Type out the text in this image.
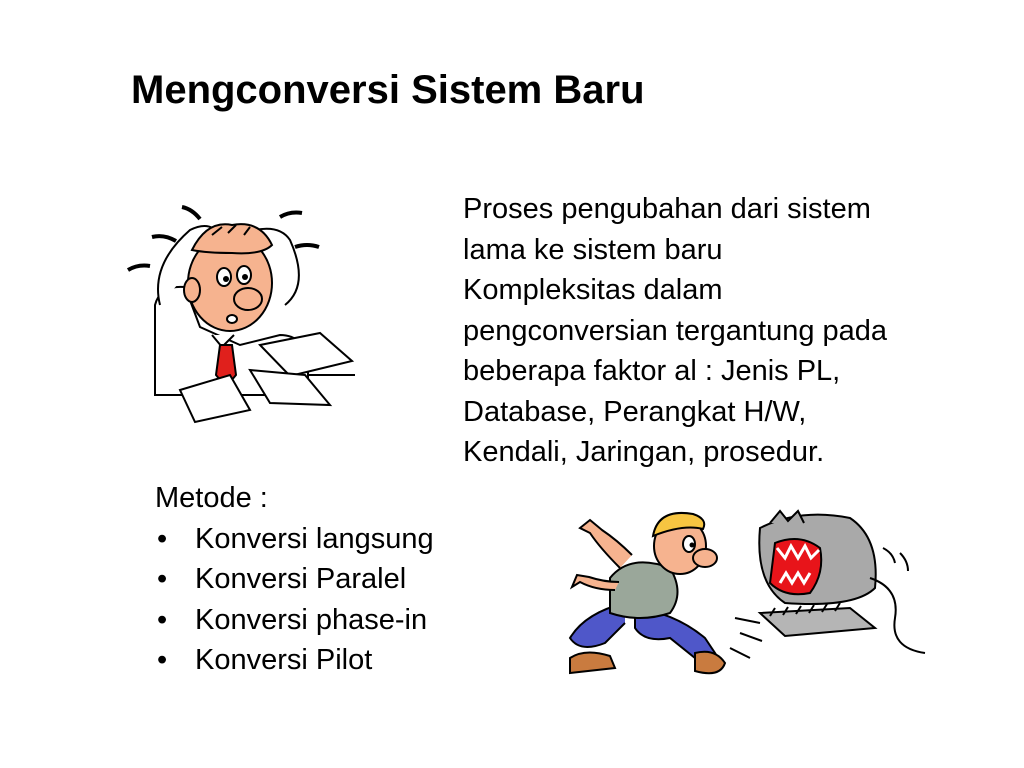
Mengconversi Sistem Baru
Proses pengubahan dari sistem
lama ke sistem baru
Kompleksitas dalam
pengconversian tergantung pada
beberapa faktor al : Jenis PL,
Database, Perangkat H/W,
Kendali, Jaringan, prosedur.
Metode :
• Konversi langsung
• Konversi Paralel
• Konversi phase-in
• Konversi Pilot
